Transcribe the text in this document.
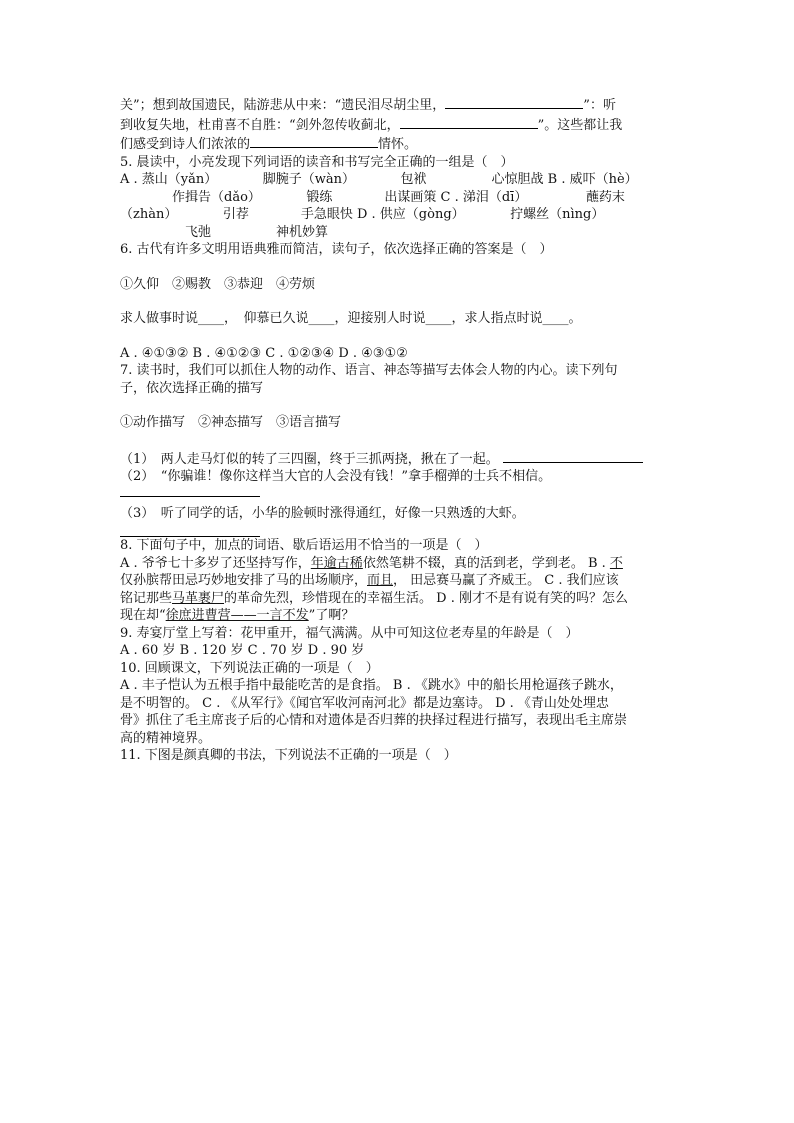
关”；想到故国遗民，陆游悲从中来：“遗民泪尽胡尘里，	”：听
到收复失地，杜甫喜不自胜：“剑外忽传收蓟北，	”。这些都让我
们感受到诗人们浓浓的	情怀。
5. 晨读中，小亮发现下列词语的读音和书写完全正确的一组是（　）
A . 蒸山（yǎn）　　　　脚腕子（wàn）　　　　包袱　　　　　心惊胆战 B . 威吓（hè）
　　　　作揖告（dǎo）　　　　锻练　　　　出谋画策 C . 涕泪（dī）　　　　　蘸药末
（zhàn）　　　　引荐　　　　手急眼快 D . 供应（gòng）　　　　拧螺丝（nìng）
　　　　　飞弛　　　　　神机妙算
6. 古代有许多文明用语典雅而简洁，读句子，依次选择正确的答案是（　）
①久仰　②赐教　③恭迎　④劳烦
求人做事时说____，　仰慕已久说____，迎接别人时说____，求人指点时说____。
A . ④①③② B . ④①②③ C . ①②③④ D . ④③①②
7. 读书时，我们可以抓住人物的动作、语言、神态等描写去体会人物的内心。读下列句
子，依次选择正确的描写
①动作描写　②神态描写　③语言描写
（1）　两人走马灯似的转了三四圈，终于三抓两挠，揪在了一起。
（2）　“你骗谁！像你这样当大官的人会没有钱！”拿手榴弹的士兵不相信。
（3）　听了同学的话，小华的脸顿时涨得通红，好像一只熟透的大虾。
8. 下面句子中，加点的词语、歇后语运用不恰当的一项是（　）
A . 爷爷七十多岁了还坚持写作，年逾古稀依然笔耕不辍，真的活到老，学到老。 B . 不
仅孙膑帮田忌巧妙地安排了马的出场顺序，而且， 田忌赛马赢了齐威王。 C . 我们应该
铭记那些马革裹尸的革命先烈，珍惜现在的幸福生活。 D . 刚才不是有说有笑的吗？怎么
现在却“徐庶进曹营——一言不发”了啊？
9. 寿宴厅堂上写着：花甲重开，福气满满。从中可知这位老寿星的年龄是（　）
A . 60 岁 B . 120 岁 C . 70 岁 D . 90 岁
10. 回顾课文，下列说法正确的一项是（　）
A . 丰子恺认为五根手指中最能吃苦的是食指。 B . 《跳水》中的船长用枪逼孩子跳水，
是不明智的。 C . 《从军行》《闻官军收河南河北》都是边塞诗。 D . 《青山处处埋忠
骨》抓住了毛主席丧子后的心情和对遗体是否归葬的抉择过程进行描写，表现出毛主席崇
高的精神境界。
11. 下图是颜真卿的书法，下列说法不正确的一项是（　）
